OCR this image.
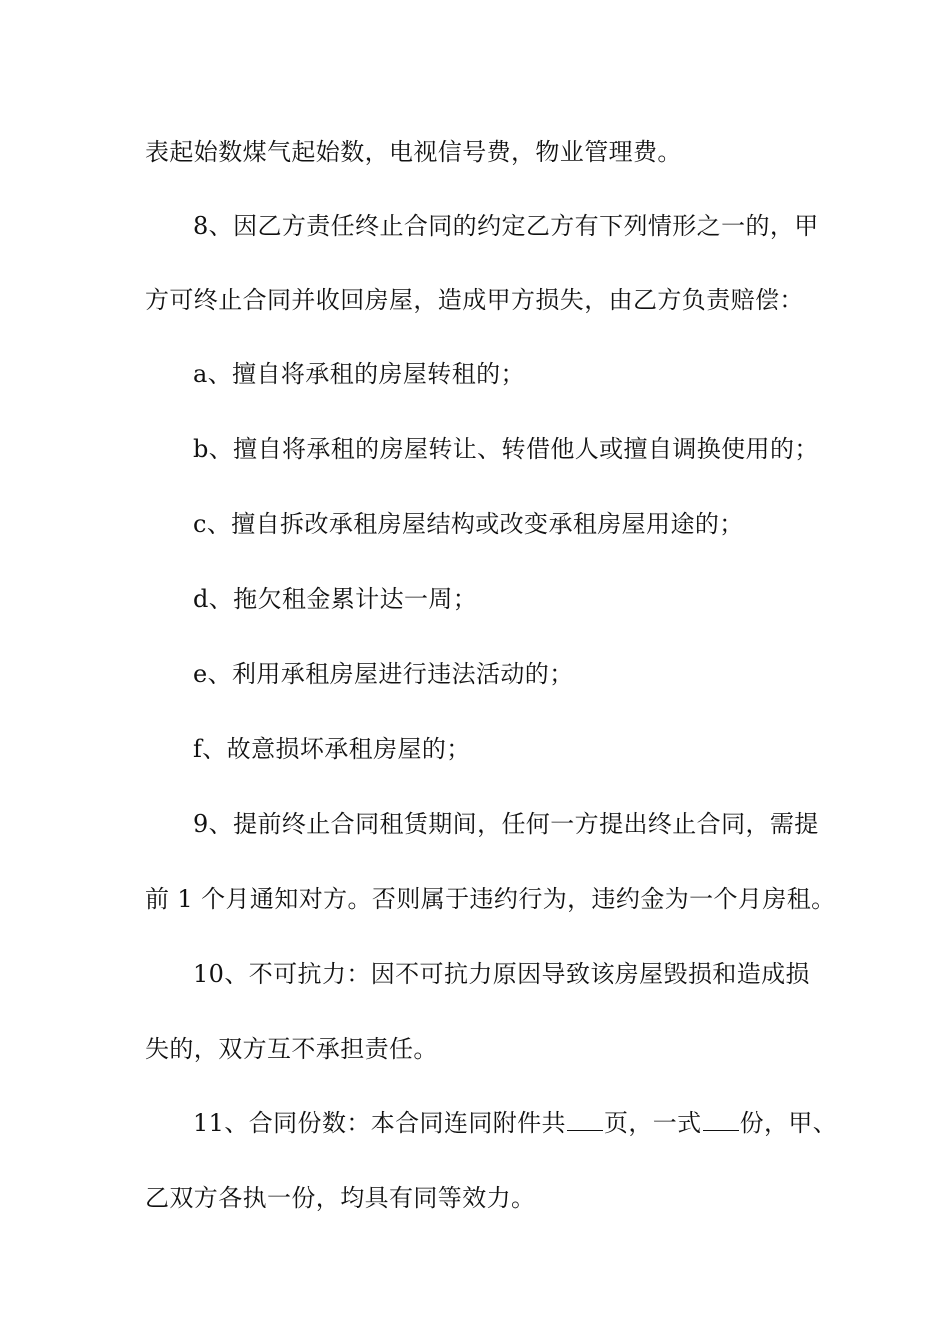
表起始数煤气起始数，电视信号费，物业管理费。
8、因乙方责任终止合同的约定乙方有下列情形之一的，甲
方可终止合同并收回房屋，造成甲方损失，由乙方负责赔偿：
a、擅自将承租的房屋转租的；
b、擅自将承租的房屋转让、转借他人或擅自调换使用的；
c、擅自拆改承租房屋结构或改变承租房屋用途的；
d、拖欠租金累计达一周；
e、利用承租房屋进行违法活动的；
f、故意损坏承租房屋的；
9、提前终止合同租赁期间，任何一方提出终止合同，需提
前 1 个月通知对方。否则属于违约行为，违约金为一个月房租。
10、不可抗力：因不可抗力原因导致该房屋毁损和造成损
失的，双方互不承担责任。
11、合同份数：本合同连同附件共 页，一式 份，甲、
乙双方各执一份，均具有同等效力。
